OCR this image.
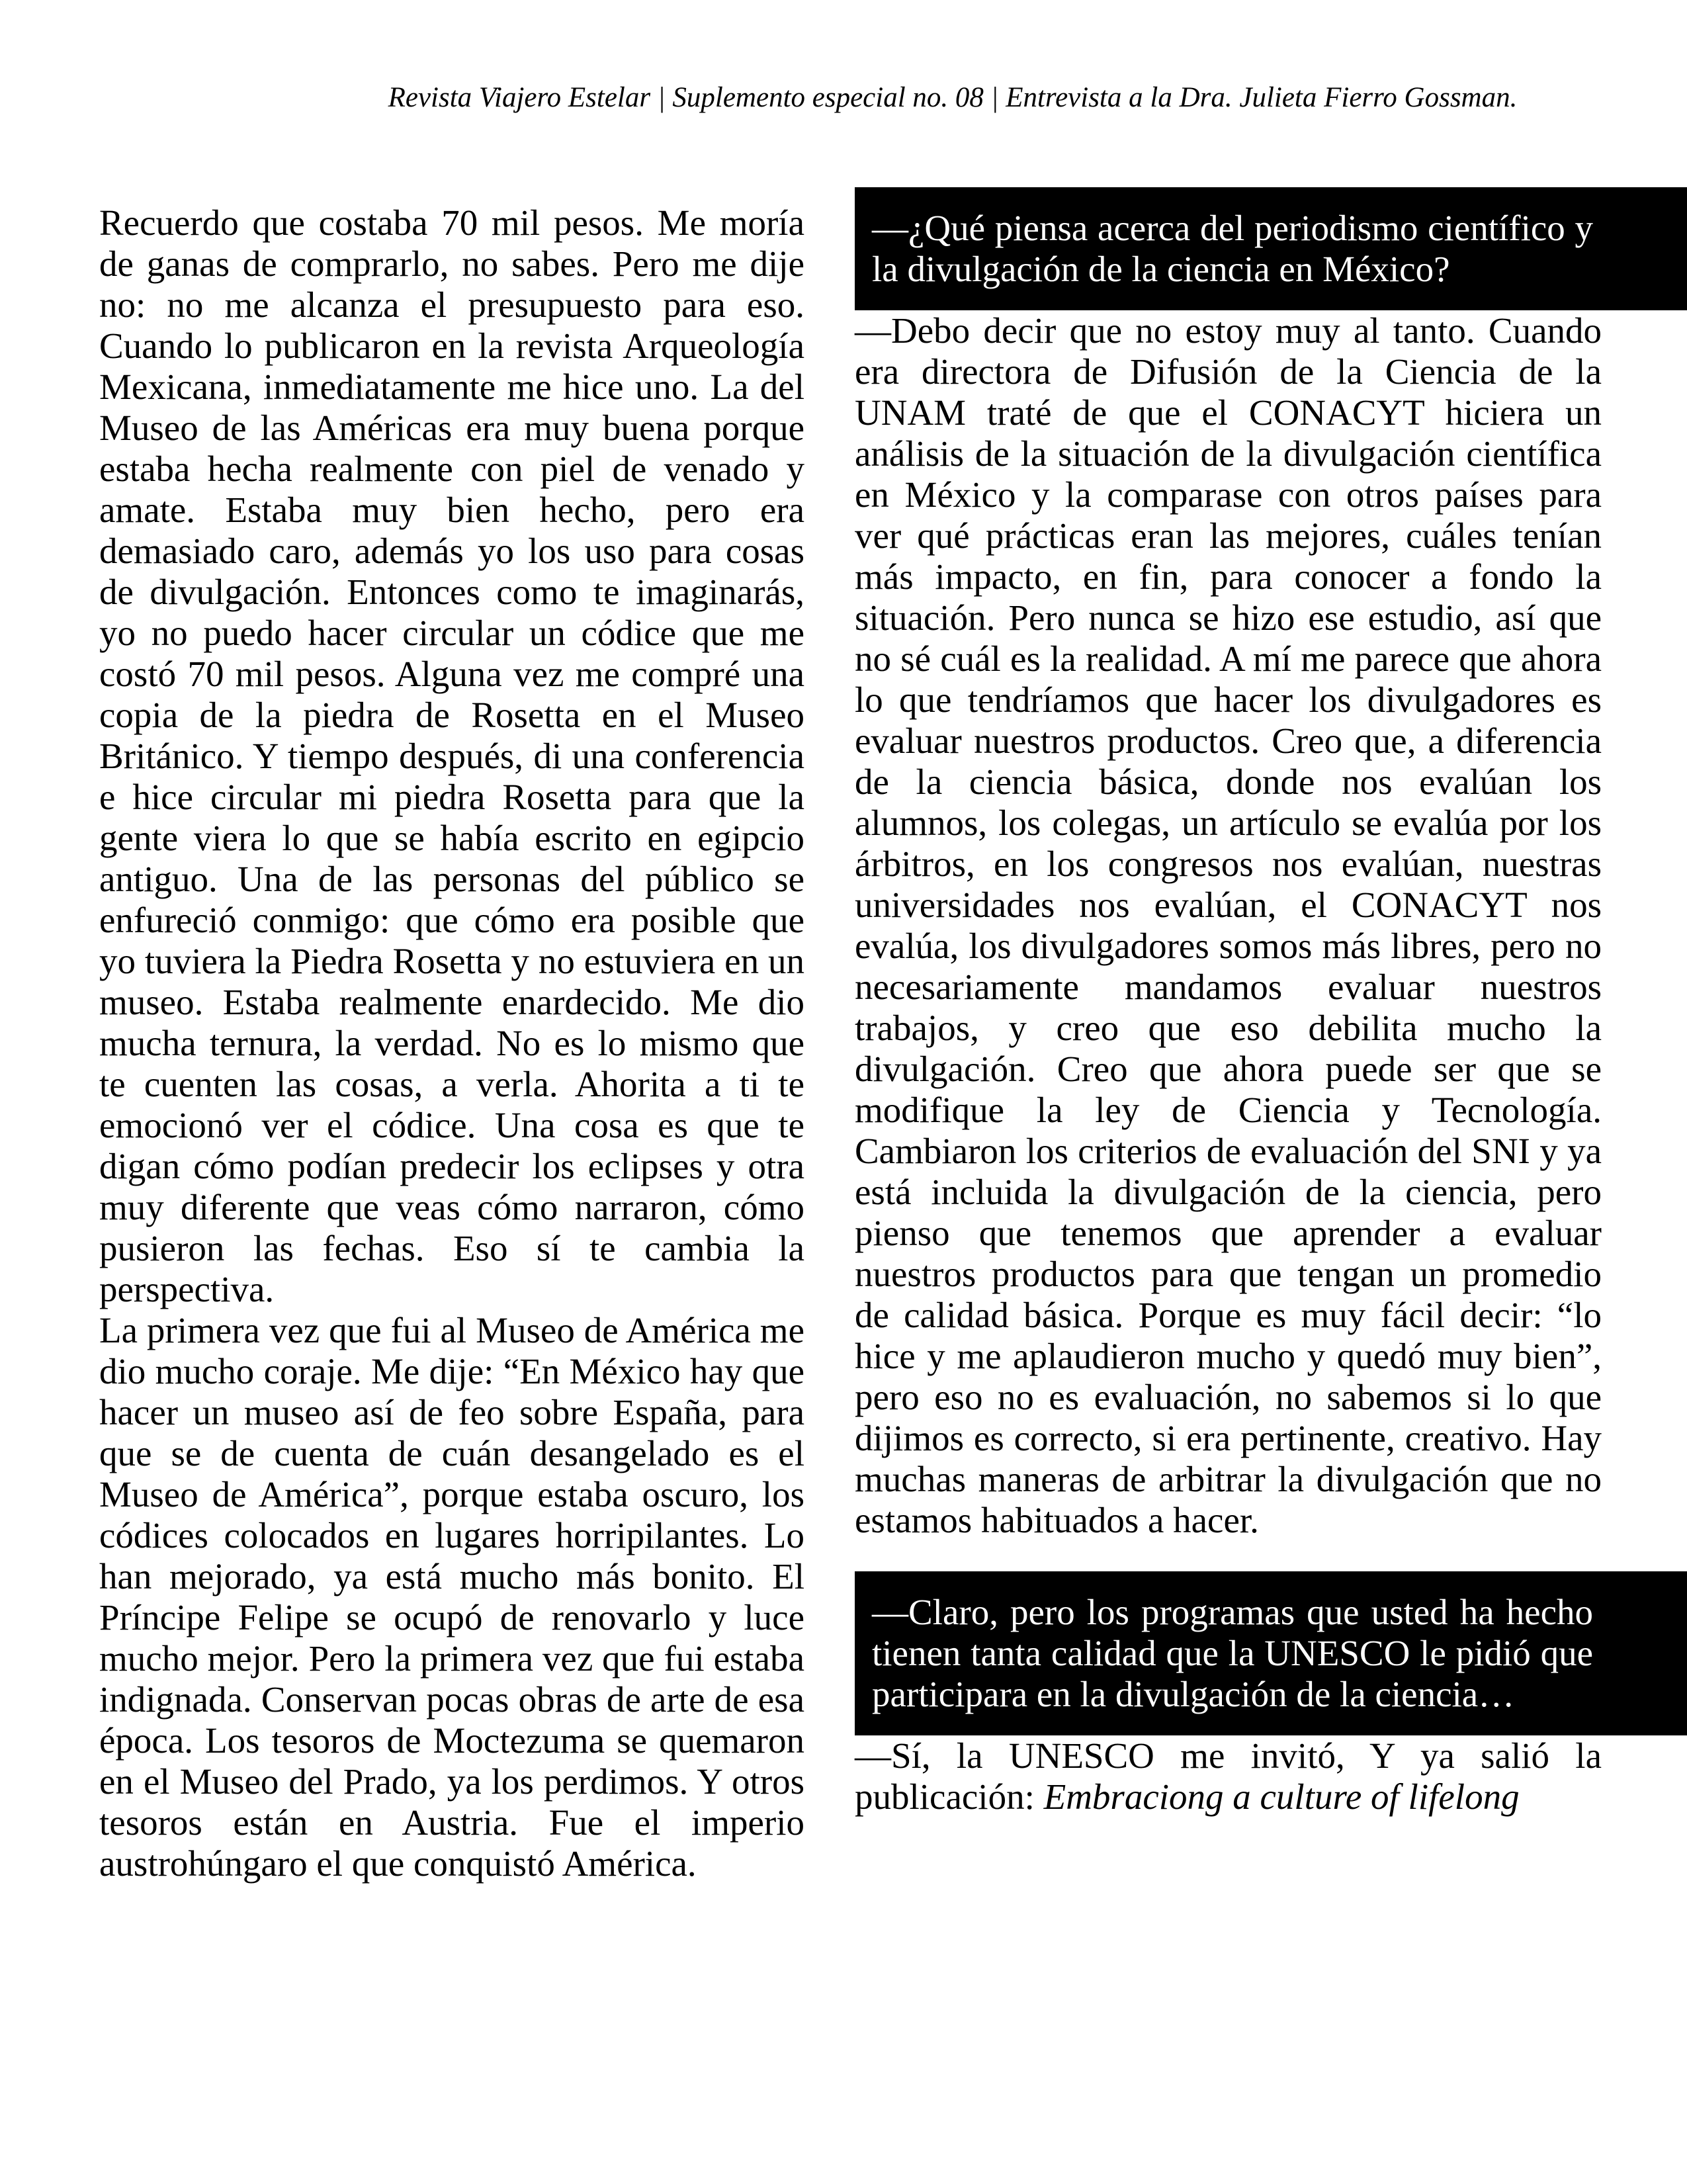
Revista Viajero Estelar | Suplemento especial no. 08 | Entrevista a la Dra. Julieta Fierro Gossman.

Recuerdo que costaba 70 mil pesos. Me moría de ganas de comprarlo, no sabes. Pero me dije no: no me alcanza el presupuesto para eso. Cuando lo publicaron en la revista Arqueología Mexicana, inmediatamente me hice uno. La del Museo de las Américas era muy buena porque estaba hecha realmente con piel de venado y amate. Estaba muy bien hecho, pero era demasiado caro, además yo los uso para cosas de divulgación. Entonces como te imaginarás, yo no puedo hacer circular un códice que me costó 70 mil pesos. Alguna vez me compré una copia de la piedra de Rosetta en el Museo Británico. Y tiempo después, di una conferencia e hice circular mi piedra Rosetta para que la gente viera lo que se había escrito en egipcio antiguo. Una de las personas del público se enfureció conmigo: que cómo era posible que yo tuviera la Piedra Rosetta y no estuviera en un museo. Estaba realmente enardecido. Me dio mucha ternura, la verdad. No es lo mismo que te cuenten las cosas, a verla. Ahorita a ti te emocionó ver el códice. Una cosa es que te digan cómo podían predecir los eclipses y otra muy diferente que veas cómo narraron, cómo pusieron las fechas. Eso sí te cambia la perspectiva.

La primera vez que fui al Museo de América me dio mucho coraje. Me dije: “En México hay que hacer un museo así de feo sobre España, para que se de cuenta de cuán desangelado es el Museo de América”, porque estaba oscuro, los códices colocados en lugares horripilantes. Lo han mejorado, ya está mucho más bonito. El Príncipe Felipe se ocupó de renovarlo y luce mucho mejor. Pero la primera vez que fui estaba indignada. Conservan pocas obras de arte de esa época. Los tesoros de Moctezuma se quemaron en el Museo del Prado, ya los perdimos. Y otros tesoros están en Austria. Fue el imperio austrohúngaro el que conquistó América.

—¿Qué piensa acerca del periodismo científico y la divulgación de la ciencia en México?

—Debo decir que no estoy muy al tanto. Cuando era directora de Difusión de la Ciencia de la UNAM traté de que el CONACYT hiciera un análisis de la situación de la divulgación científica en México y la comparase con otros países para ver qué prácticas eran las mejores, cuáles tenían más impacto, en fin, para conocer a fondo la situación. Pero nunca se hizo ese estudio, así que no sé cuál es la realidad. A mí me parece que ahora lo que tendríamos que hacer los divulgadores es evaluar nuestros productos. Creo que, a diferencia de la ciencia básica, donde nos evalúan los alumnos, los colegas, un artículo se evalúa por los árbitros, en los congresos nos evalúan, nuestras universidades nos evalúan, el CONACYT nos evalúa, los divulgadores somos más libres, pero no necesariamente mandamos evaluar nuestros trabajos, y creo que eso debilita mucho la divulgación. Creo que ahora puede ser que se modifique la ley de Ciencia y Tecnología. Cambiaron los criterios de evaluación del SNI y ya está incluida la divulgación de la ciencia, pero pienso que tenemos que aprender a evaluar nuestros productos para que tengan un promedio de calidad básica. Porque es muy fácil decir: “lo hice y me aplaudieron mucho y quedó muy bien”, pero eso no es evaluación, no sabemos si lo que dijimos es correcto, si era pertinente, creativo. Hay muchas maneras de arbitrar la divulgación que no estamos habituados a hacer.

—Claro, pero los programas que usted ha hecho tienen tanta calidad que la UNESCO le pidió que participara en la divulgación de la ciencia…

—Sí, la UNESCO me invitó, Y ya salió la publicación: Embraciong a culture of lifelong
